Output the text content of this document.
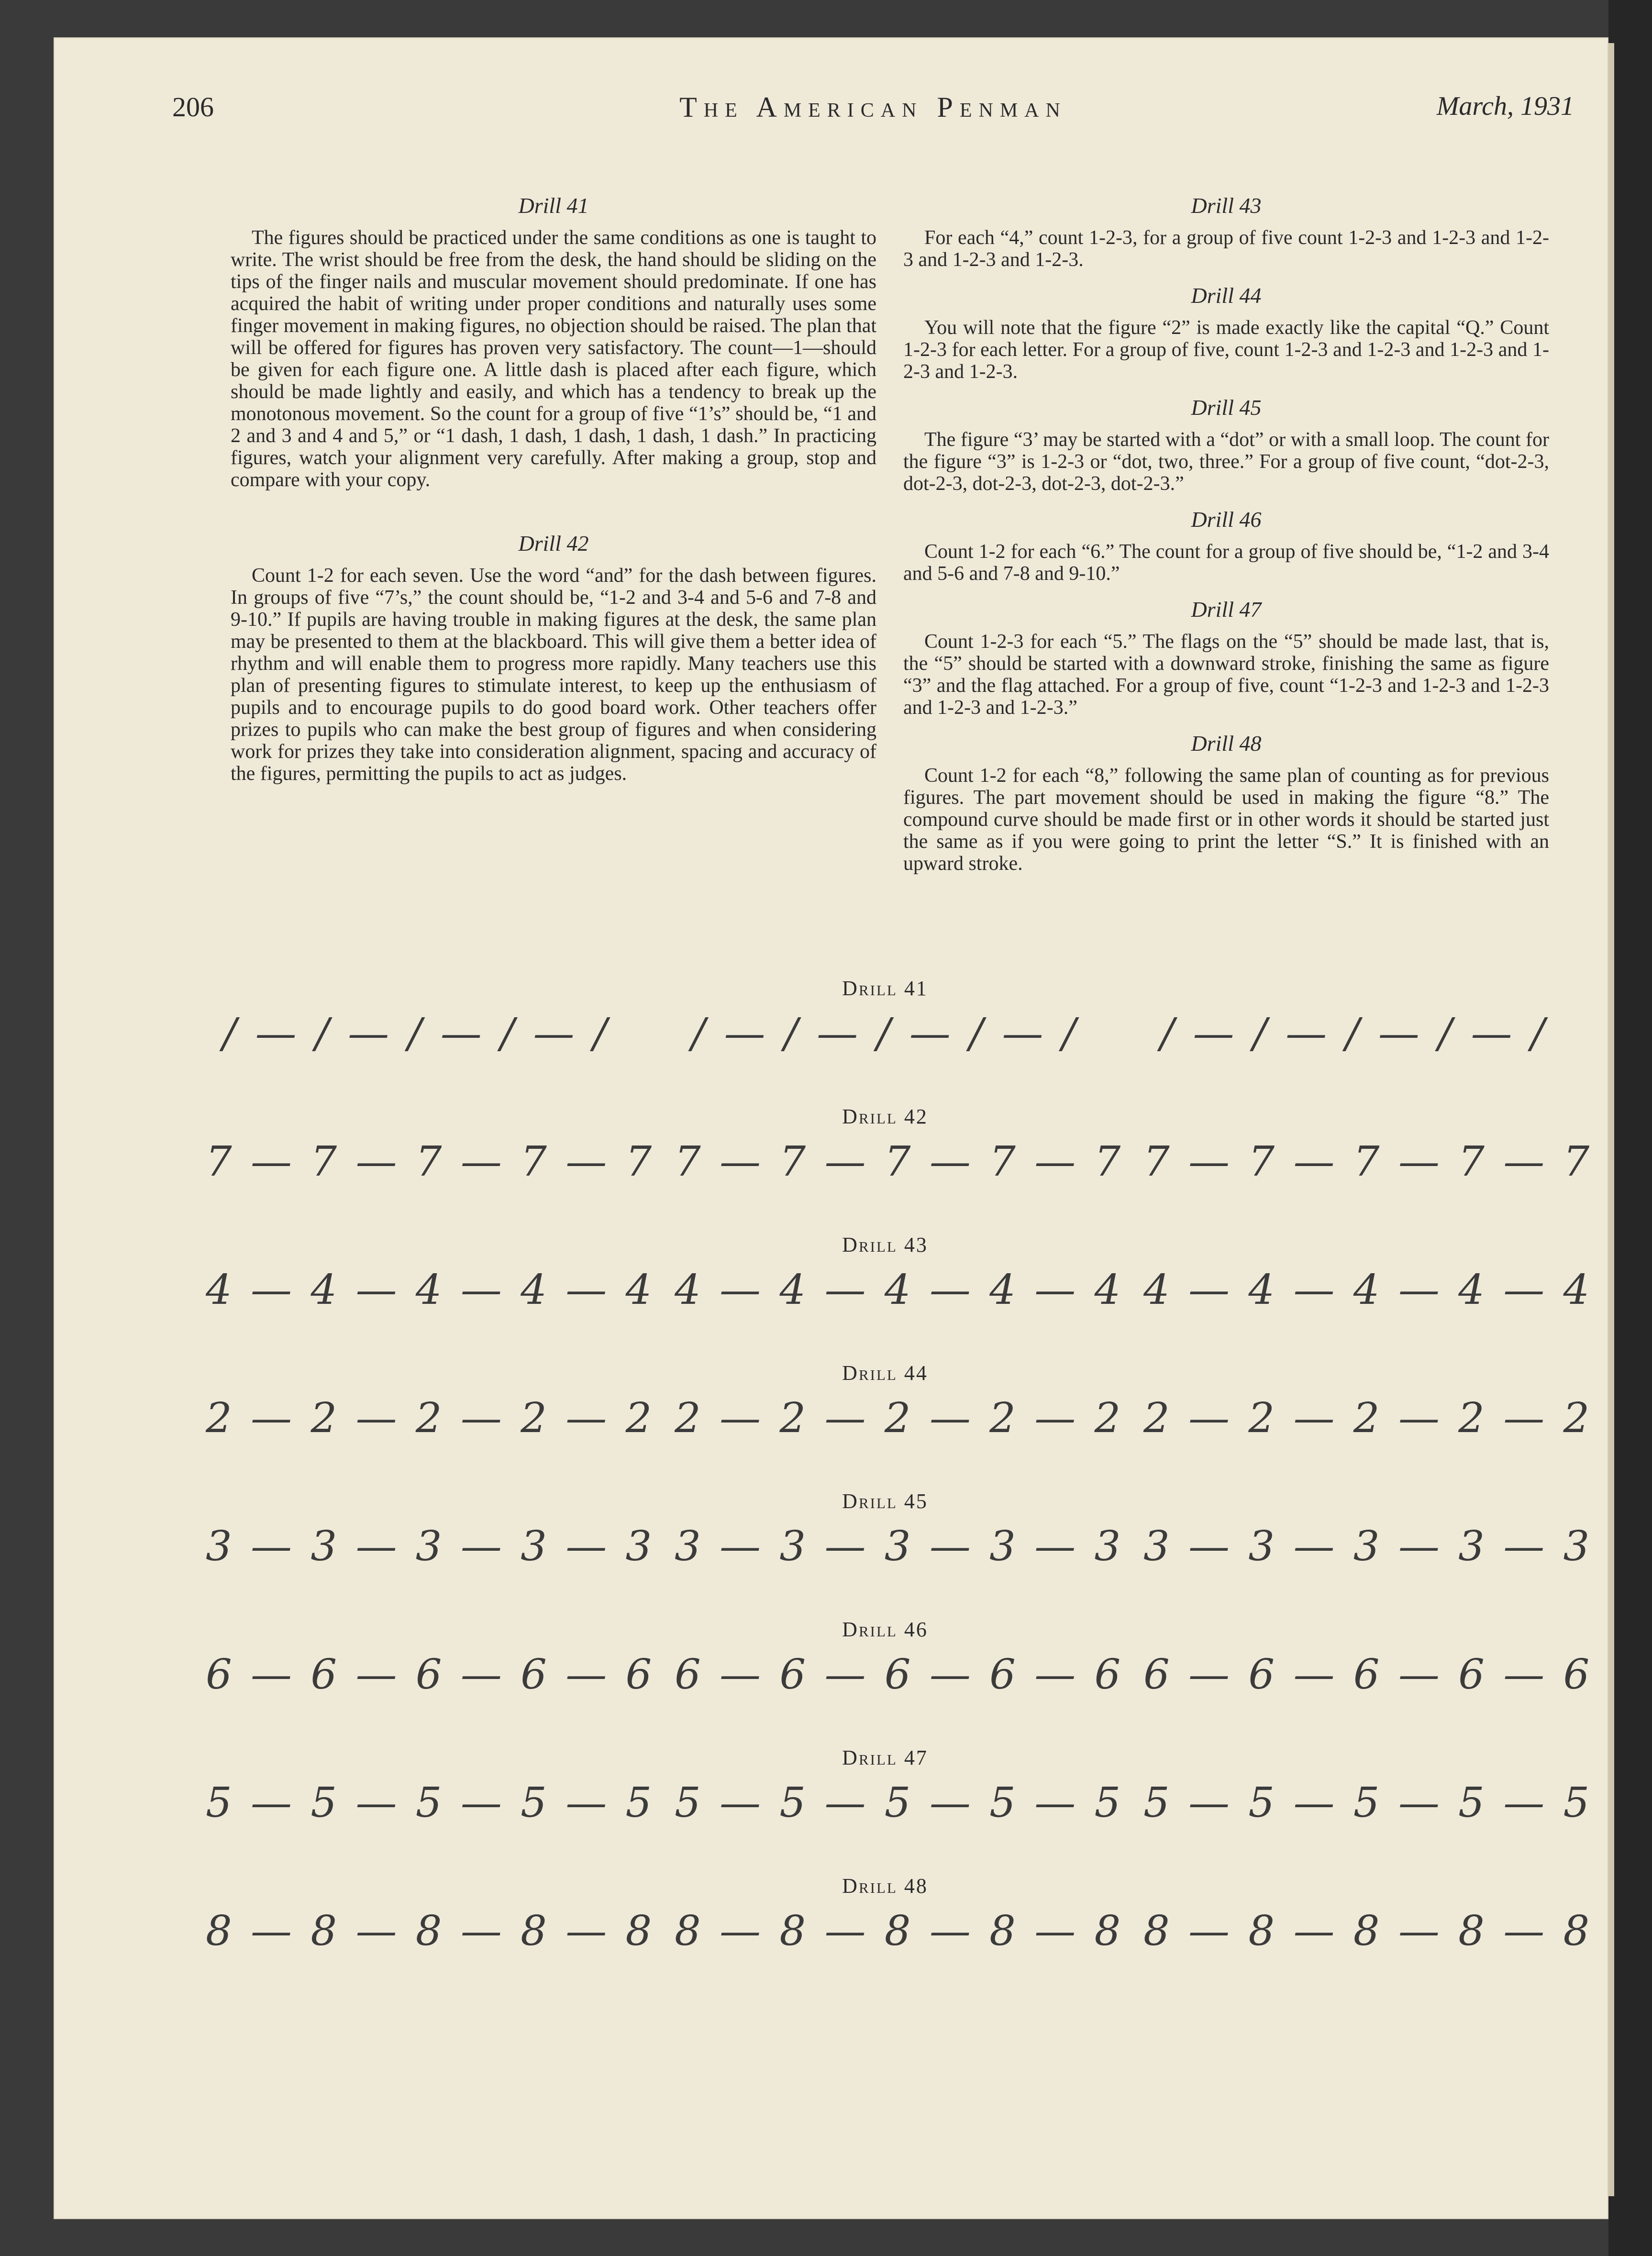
206	The American Penman	March, 1931
Drill 41

The figures should be practiced under the same conditions as one is taught to write. The wrist should be free from the desk, the hand should be sliding on the tips of the finger nails and muscular movement should predominate. If one has acquired the habit of writing under proper conditions and naturally uses some finger movement in making figures, no objection should be raised. The plan that will be offered for figures has proven very satisfactory. The count—1—should be given for each figure one. A little dash is placed after each figure, which should be made lightly and easily, and which has a tendency to break up the monotonous movement. So the count for a group of five “1’s” should be, “1 and 2 and 3 and 4 and 5,” or “1 dash, 1 dash, 1 dash, 1 dash, 1 dash.” In practicing figures, watch your alignment very carefully. After making a group, stop and compare with your copy.

Drill 42

Count 1-2 for each seven. Use the word “and” for the dash between figures. In groups of five “7’s,” the count should be, “1-2 and 3-4 and 5-6 and 7-8 and 9-10.” If pupils are having trouble in making figures at the desk, the same plan may be presented to them at the blackboard. This will give them a better idea of rhythm and will enable them to progress more rapidly. Many teachers use this plan of presenting figures to stimulate interest, to keep up the enthusiasm of pupils and to encourage pupils to do good board work. Other teachers offer prizes to pupils who can make the best group of figures and when considering work for prizes they take into consideration alignment, spacing and accuracy of the figures, permitting the pupils to act as judges.

Drill 43

For each “4,” count 1-2-3, for a group of five count 1-2-3 and 1-2-3 and 1-2-3 and 1-2-3 and 1-2-3.

Drill 44

You will note that the figure “2” is made exactly like the capital “Q.” Count 1-2-3 for each letter. For a group of five, count 1-2-3 and 1-2-3 and 1-2-3 and 1-2-3 and 1-2-3.

Drill 45

The figure “3’ may be started with a “dot” or with a small loop. The count for the figure “3” is 1-2-3 or “dot, two, three.” For a group of five count, “dot-2-3, dot-2-3, dot-2-3, dot-2-3, dot-2-3.”

Drill 46

Count 1-2 for each “6.” The count for a group of five should be, “1-2 and 3-4 and 5-6 and 7-8 and 9-10.”

Drill 47

Count 1-2-3 for each “5.” The flags on the “5” should be made last, that is, the “5” should be started with a downward stroke, finishing the same as figure “3” and the flag attached. For a group of five, count “1-2-3 and 1-2-3 and 1-2-3 and 1-2-3 and 1-2-3.”

Drill 48

Count 1-2 for each “8,” following the same plan of counting as for previous figures. The part movement should be used in making the figure “8.” The compound curve should be made first or in other words it should be started just the same as if you were going to print the letter “S.” It is finished with an upward stroke.

Drill 41
/ — / — / — / — /	/ — / — / — / — /	/ — / — / — / — /
Drill 42
7 — 7 — 7 — 7 — 7 7 — 7 — 7 — 7 — 7 7 — 7 — 7 — 7 — 7
Drill 43
4 — 4 — 4 — 4 — 4 4 — 4 — 4 — 4 — 4 4 — 4 — 4 — 4 — 4
Drill 44
2 — 2 — 2 — 2 — 2 2 — 2 — 2 — 2 — 2 2 — 2 — 2 — 2 — 2
Drill 45
3 — 3 — 3 — 3 — 3 3 — 3 — 3 — 3 — 3 3 — 3 — 3 — 3 — 3
Drill 46
6 — 6 — 6 — 6 — 6 6 — 6 — 6 — 6 — 6 6 — 6 — 6 — 6 — 6
Drill 47
5 — 5 — 5 — 5 — 5 5 — 5 — 5 — 5 — 5 5 — 5 — 5 — 5 — 5
Drill 48
8 — 8 — 8 — 8 — 8 8 — 8 — 8 — 8 — 8 8 — 8 — 8 — 8 — 8
